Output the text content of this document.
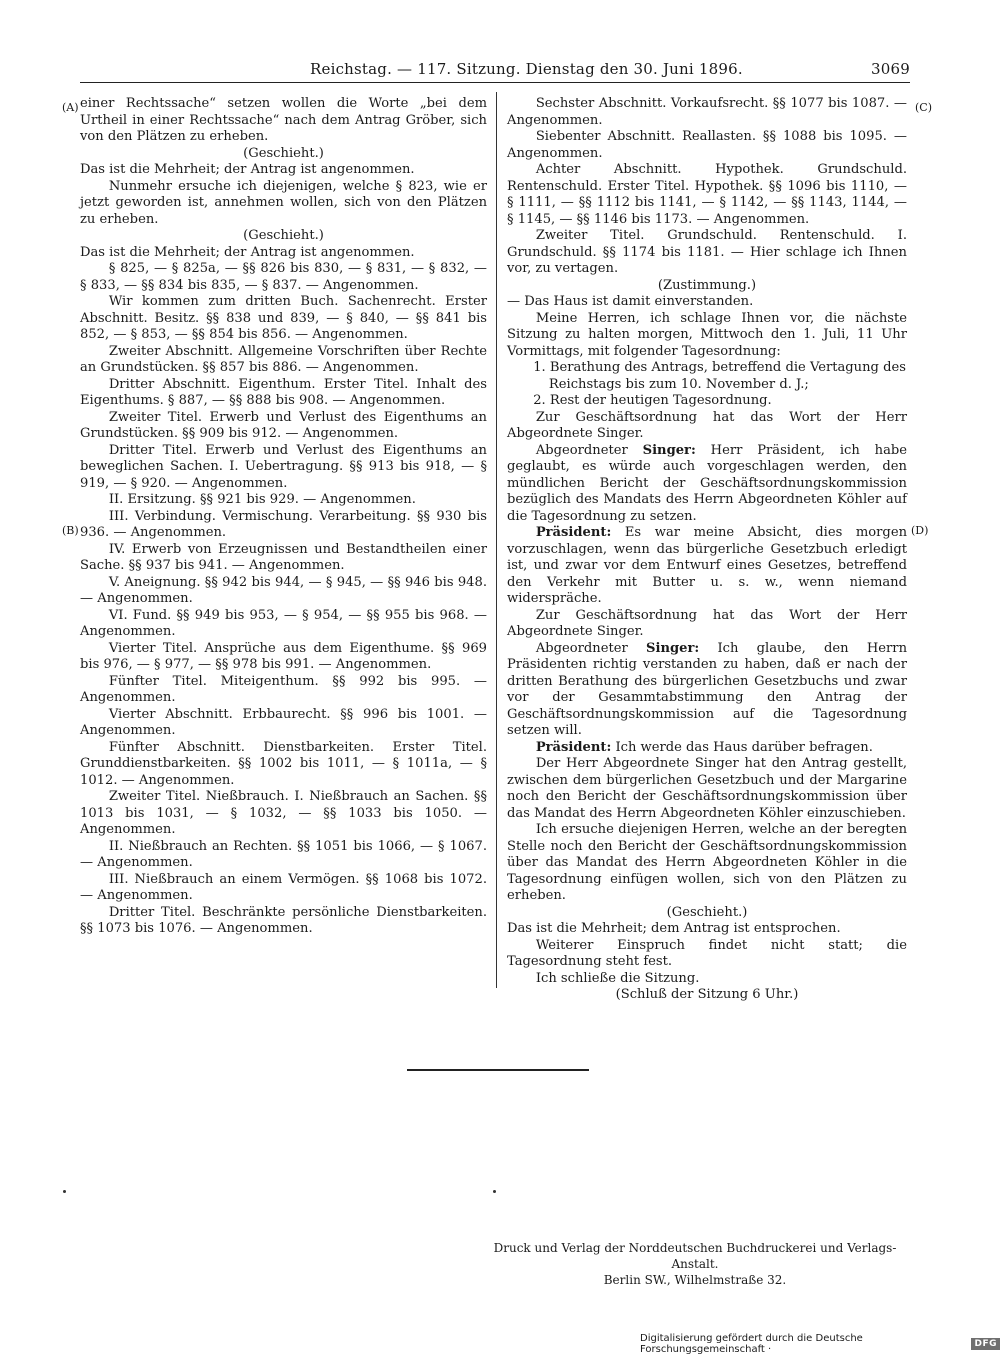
Reichstag. — 117. Sitzung. Dienstag den 30. Juni 1896.	3069
(A)
(B)
(C)
(D)

einer Rechtssache“ setzen wollen die Worte „bei dem Urtheil in einer Rechtssache“ nach dem Antrag Gröber, sich von den Plätzen zu erheben.

(Geschieht.)

Das ist die Mehrheit; der Antrag ist angenommen.

Nunmehr ersuche ich diejenigen, welche § 823, wie er jetzt geworden ist, annehmen wollen, sich von den Plätzen zu erheben.

(Geschieht.)

Das ist die Mehrheit; der Antrag ist angenommen.

§ 825, — § 825a, — §§ 826 bis 830, — § 831, — § 832, — § 833, — §§ 834 bis 835, — § 837. — Angenommen.

Wir kommen zum dritten Buch. Sachenrecht. Erster Abschnitt. Besitz. §§ 838 und 839, — § 840, — §§ 841 bis 852, — § 853, — §§ 854 bis 856. — Angenommen.

Zweiter Abschnitt. Allgemeine Vorschriften über Rechte an Grundstücken. §§ 857 bis 886. — Angenommen.

Dritter Abschnitt. Eigenthum. Erster Titel. Inhalt des Eigenthums. § 887, — §§ 888 bis 908. — Angenommen.

Zweiter Titel. Erwerb und Verlust des Eigenthums an Grundstücken. §§ 909 bis 912. — Angenommen.

Dritter Titel. Erwerb und Verlust des Eigenthums an beweglichen Sachen. I. Uebertragung. §§ 913 bis 918, — § 919, — § 920. — Angenommen.

II. Ersitzung. §§ 921 bis 929. — Angenommen.

III. Verbindung. Vermischung. Verarbeitung. §§ 930 bis 936. — Angenommen.

IV. Erwerb von Erzeugnissen und Bestandtheilen einer Sache. §§ 937 bis 941. — Angenommen.

V. Aneignung. §§ 942 bis 944, — § 945, — §§ 946 bis 948. — Angenommen.

VI. Fund. §§ 949 bis 953, — § 954, — §§ 955 bis 968. — Angenommen.

Vierter Titel. Ansprüche aus dem Eigenthume. §§ 969 bis 976, — § 977, — §§ 978 bis 991. — Angenommen.

Fünfter Titel. Miteigenthum. §§ 992 bis 995. — Angenommen.

Vierter Abschnitt. Erbbaurecht. §§ 996 bis 1001. — Angenommen.

Fünfter Abschnitt. Dienstbarkeiten. Erster Titel. Grunddienstbarkeiten. §§ 1002 bis 1011, — § 1011a, — § 1012. — Angenommen.

Zweiter Titel. Nießbrauch. I. Nießbrauch an Sachen. §§ 1013 bis 1031, — § 1032, — §§ 1033 bis 1050. — Angenommen.

II. Nießbrauch an Rechten. §§ 1051 bis 1066, — § 1067. — Angenommen.

III. Nießbrauch an einem Vermögen. §§ 1068 bis 1072. — Angenommen.

Dritter Titel. Beschränkte persönliche Dienstbarkeiten. §§ 1073 bis 1076. — Angenommen.

Sechster Abschnitt. Vorkaufsrecht. §§ 1077 bis 1087. — Angenommen.

Siebenter Abschnitt. Reallasten. §§ 1088 bis 1095. — Angenommen.

Achter Abschnitt. Hypothek. Grundschuld. Rentenschuld. Erster Titel. Hypothek. §§ 1096 bis 1110, — § 1111, — §§ 1112 bis 1141, — § 1142, — §§ 1143, 1144, — § 1145, — §§ 1146 bis 1173. — Angenommen.

Zweiter Titel. Grundschuld. Rentenschuld. I. Grundschuld. §§ 1174 bis 1181. — Hier schlage ich Ihnen vor, zu vertagen.

(Zustimmung.)

— Das Haus ist damit einverstanden.

Meine Herren, ich schlage Ihnen vor, die nächste Sitzung zu halten morgen, Mittwoch den 1. Juli, 11 Uhr Vormittags, mit folgender Tagesordnung:

1. Berathung des Antrags, betreffend die Vertagung des Reichstags bis zum 10. November d. J.;

2. Rest der heutigen Tagesordnung.

Zur Geschäftsordnung hat das Wort der Herr Abgeordnete Singer.

Abgeordneter Singer: Herr Präsident, ich habe geglaubt, es würde auch vorgeschlagen werden, den mündlichen Bericht der Geschäftsordnungskommission bezüglich des Mandats des Herrn Abgeordneten Köhler auf die Tagesordnung zu setzen.

Präsident: Es war meine Absicht, dies morgen vorzuschlagen, wenn das bürgerliche Gesetzbuch erledigt ist, und zwar vor dem Entwurf eines Gesetzes, betreffend den Verkehr mit Butter u. s. w., wenn niemand widerspräche.

Zur Geschäftsordnung hat das Wort der Herr Abgeordnete Singer.

Abgeordneter Singer: Ich glaube, den Herrn Präsidenten richtig verstanden zu haben, daß er nach der dritten Berathung des bürgerlichen Gesetzbuchs und zwar vor der Gesammtabstimmung den Antrag der Geschäftsordnungskommission auf die Tagesordnung setzen will.

Präsident: Ich werde das Haus darüber befragen.

Der Herr Abgeordnete Singer hat den Antrag gestellt, zwischen dem bürgerlichen Gesetzbuch und der Margarine noch den Bericht der Geschäftsordnungskommission über das Mandat des Herrn Abgeordneten Köhler einzuschieben.

Ich ersuche diejenigen Herren, welche an der beregten Stelle noch den Bericht der Geschäftsordnungskommission über das Mandat des Herrn Abgeordneten Köhler in die Tagesordnung einfügen wollen, sich von den Plätzen zu erheben.

(Geschieht.)

Das ist die Mehrheit; dem Antrag ist entsprochen.

Weiterer Einspruch findet nicht statt; die Tagesordnung steht fest.

Ich schließe die Sitzung.

(Schluß der Sitzung 6 Uhr.)

Druck und Verlag der Norddeutschen Buchdruckerei und Verlags-Anstalt.
Berlin SW., Wilhelmstraße 32.
Digitalisierung gefördert durch die Deutsche Forschungsgemeinschaft ·	DFG
